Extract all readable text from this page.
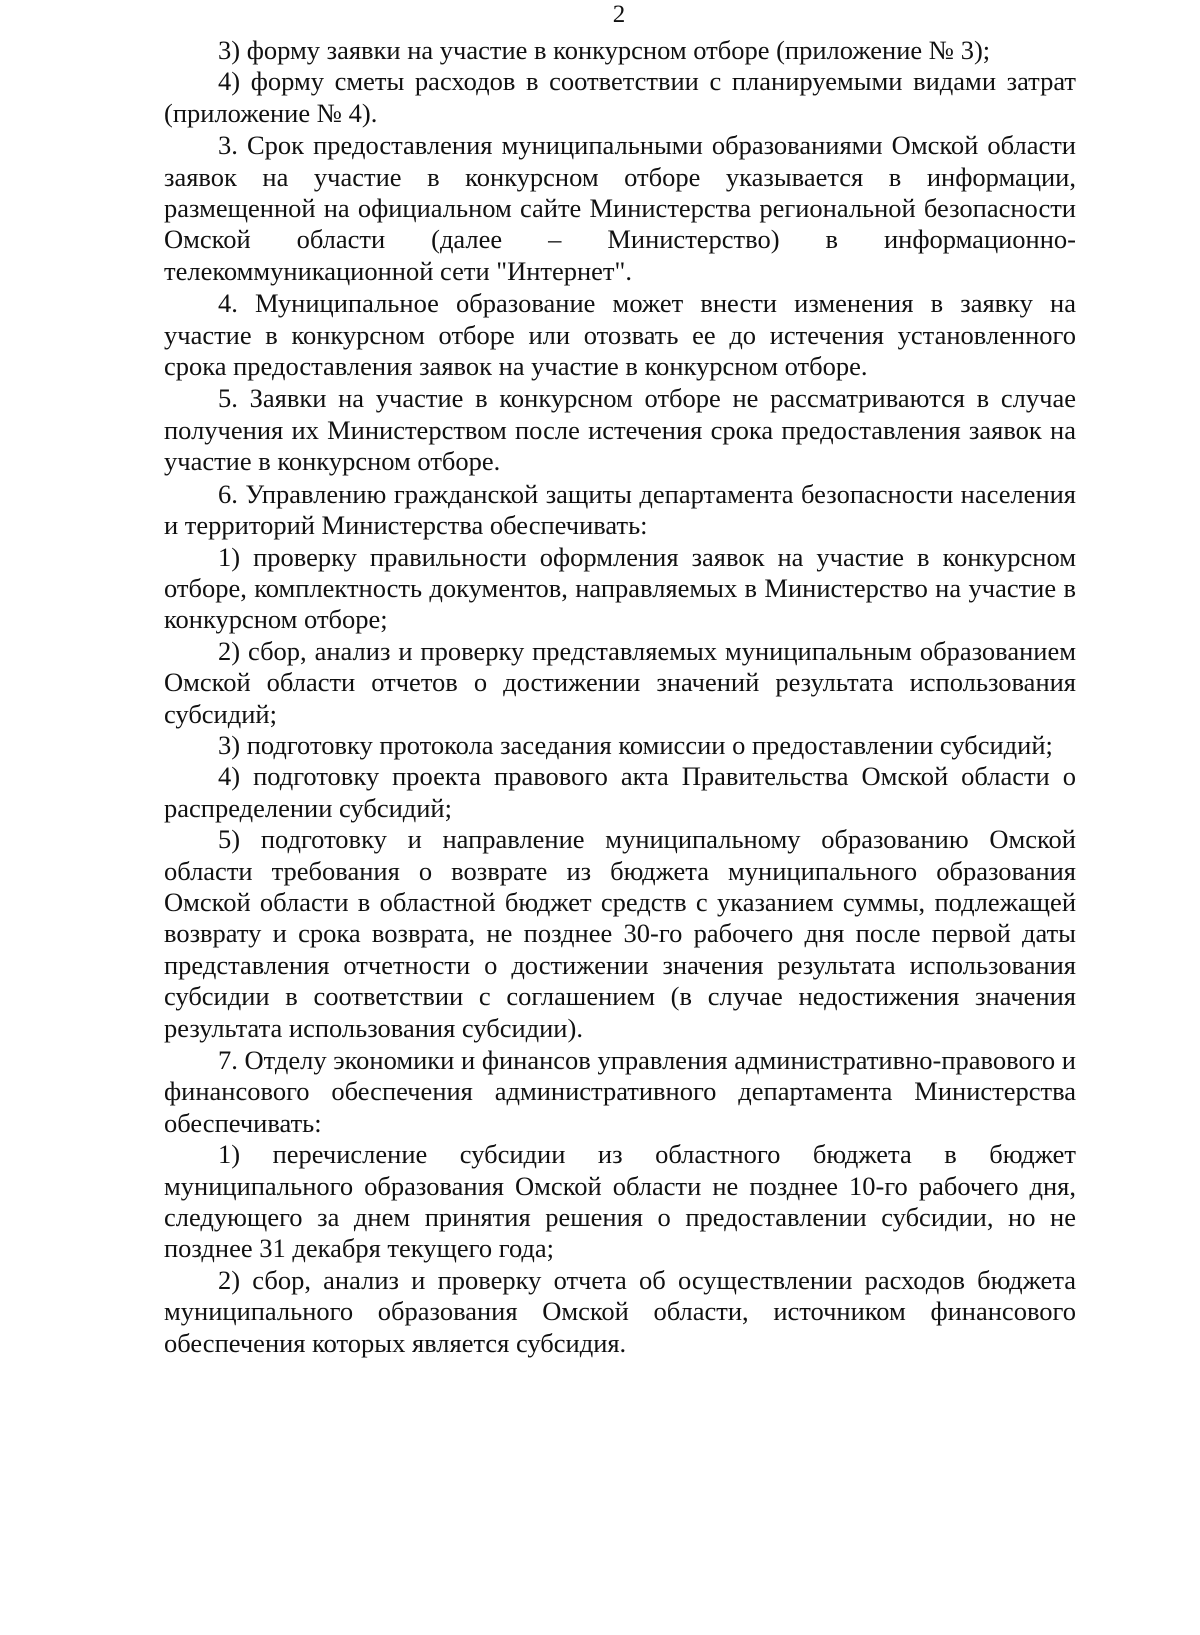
2

3) форму заявки на участие в конкурсном отборе (приложение № 3);

4) форму сметы расходов в соответствии с планируемыми видами затрат (приложение № 4).

3. Срок предоставления муниципальными образованиями Омской области заявок на участие в конкурсном отборе указывается в информации, размещенной на официальном сайте Министерства региональной безопасности Омской области (далее – Министерство) в информационно-телекоммуникационной сети "Интернет".

4. Муниципальное образование может внести изменения в заявку на участие в конкурсном отборе или отозвать ее до истечения установленного срока предоставления заявок на участие в конкурсном отборе.

5. Заявки на участие в конкурсном отборе не рассматриваются в случае получения их Министерством после истечения срока предоставления заявок на участие в конкурсном отборе.

6. Управлению гражданской защиты департамента безопасности населения и территорий Министерства обеспечивать:

1) проверку правильности оформления заявок на участие в конкурсном отборе, комплектность документов, направляемых в Министерство на участие в конкурсном отборе;

2) сбор, анализ и проверку представляемых муниципальным образованием Омской области отчетов о достижении значений результата использования субсидий;

3) подготовку протокола заседания комиссии о предоставлении субсидий;

4) подготовку проекта правового акта Правительства Омской области о распределении субсидий;

5) подготовку и направление муниципальному образованию Омской области требования о возврате из бюджета муниципального образования Омской области в областной бюджет средств с указанием суммы, подлежащей возврату и срока возврата, не позднее 30-го рабочего дня после первой даты представления отчетности о достижении значения результата использования субсидии в соответствии с соглашением (в случае недостижения значения результата использования субсидии).

7. Отделу экономики и финансов управления административно-правового и финансового обеспечения административного департамента Министерства обеспечивать:

1) перечисление субсидии из областного бюджета в бюджет муниципального образования Омской области не позднее 10-го рабочего дня, следующего за днем принятия решения о предоставлении субсидии, но не позднее 31 декабря текущего года;

2) сбор, анализ и проверку отчета об осуществлении расходов бюджета муниципального образования Омской области, источником финансового обеспечения которых является субсидия.
